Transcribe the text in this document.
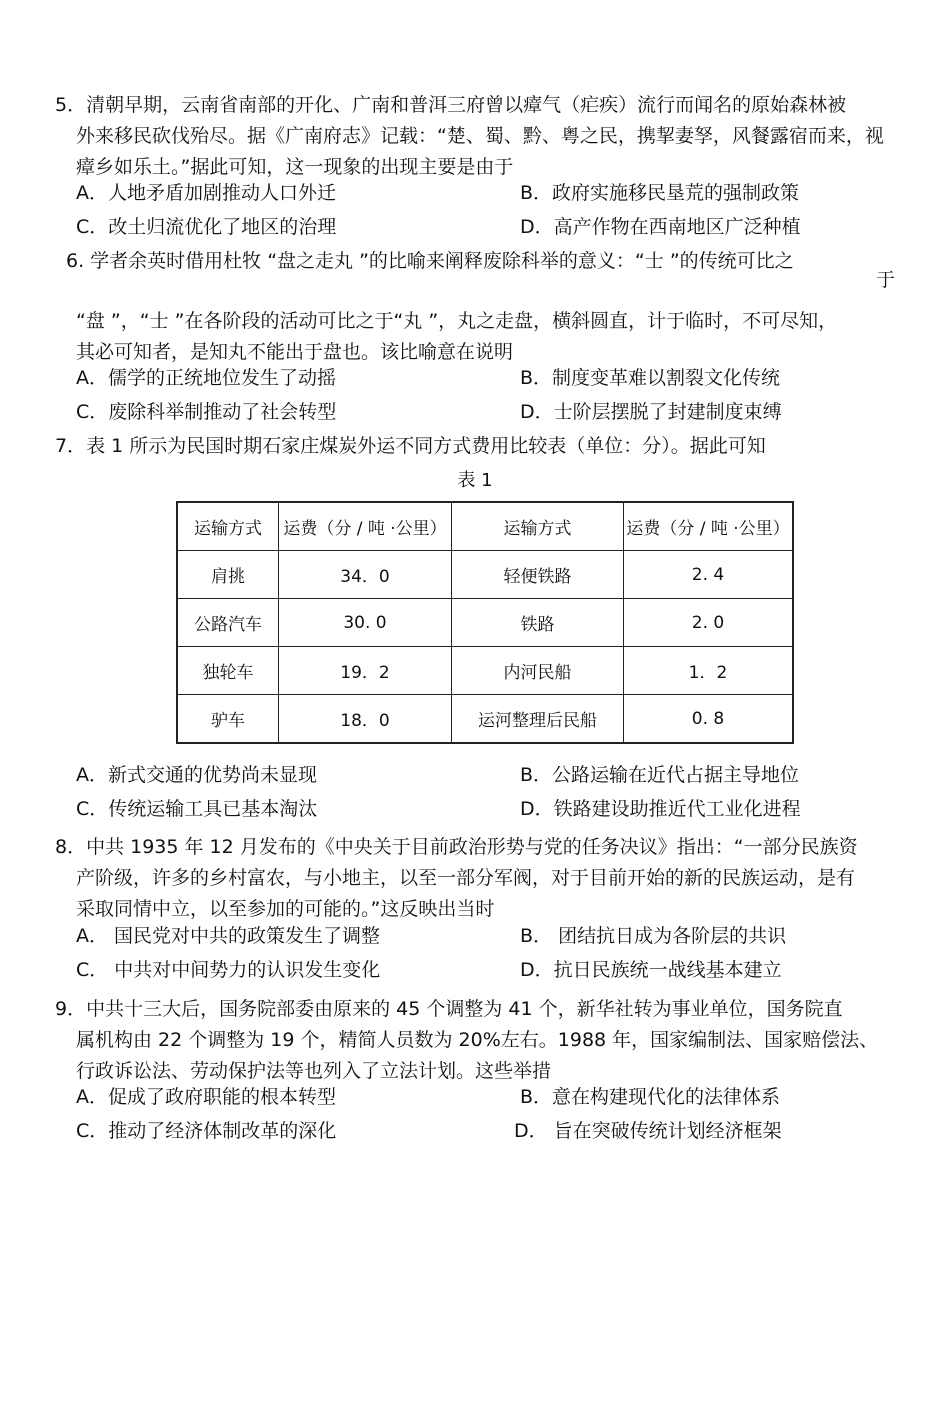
5．清朝早期，云南省南部的开化、广南和普洱三府曾以瘴气（疟疾）流行而闻名的原始森林被
外来移民砍伐殆尽。据《广南府志》记载：“楚、蜀、黔、粤之民，携挈妻孥，风餐露宿而来，视
瘴乡如乐土。”据此可知，这一现象的出现主要是由于
A．人地矛盾加剧推动人口外迁	B．政府实施移民垦荒的强制政策
C．改土归流优化了地区的治理	D．高产作物在西南地区广泛种植
6. 学者余英时借用杜牧 “盘之走丸 ”的比喻来阐释废除科举的意义：“士 ”的传统可比之
于
“盘 ”，“士 ”在各阶段的活动可比之于“丸 ”，丸之走盘，横斜圆直，计于临时，不可尽知，
其必可知者，是知丸不能出于盘也。该比喻意在说明
A．儒学的正统地位发生了动摇	B．制度变革难以割裂文化传统
C．废除科举制推动了社会转型	D．士阶层摆脱了封建制度束缚
7．表 1 所示为民国时期石家庄煤炭外运不同方式费用比较表（单位：分）。据此可知
表 1
运输方式	运费（分 / 吨 ·公里）	运输方式	运费（分 / 吨 ·公里）
肩挑	34．0	轻便铁路	2. 4
公路汽车	30. 0	铁路	2. 0
独轮车	19．2	内河民船	1．2
驴车	18．0	运河整理后民船	0. 8
A．新式交通的优势尚未显现	B．公路运输在近代占据主导地位
C．传统运输工具已基本淘汰	D．铁路建设助推近代工业化进程
8．中共 1935 年 12 月发布的《中央关于目前政治形势与党的任务决议》指出：“一部分民族资
产阶级，许多的乡村富农，与小地主，以至一部分军阀，对于目前开始的新的民族运动，是有
采取同情中立，以至参加的可能的。”这反映出当时
A． 国民党对中共的政策发生了调整	B． 团结抗日成为各阶层的共识
C． 中共对中间势力的认识发生变化	D．抗日民族统一战线基本建立
9．中共十三大后，国务院部委由原来的 45 个调整为 41 个，新华社转为事业单位，国务院直
属机构由 22 个调整为 19 个，精简人员数为 20%左右。1988 年，国家编制法、国家赔偿法、
行政诉讼法、劳动保护法等也列入了立法计划。这些举措
A．促成了政府职能的根本转型	B．意在构建现代化的法律体系
C．推动了经济体制改革的深化	D． 旨在突破传统计划经济框架
